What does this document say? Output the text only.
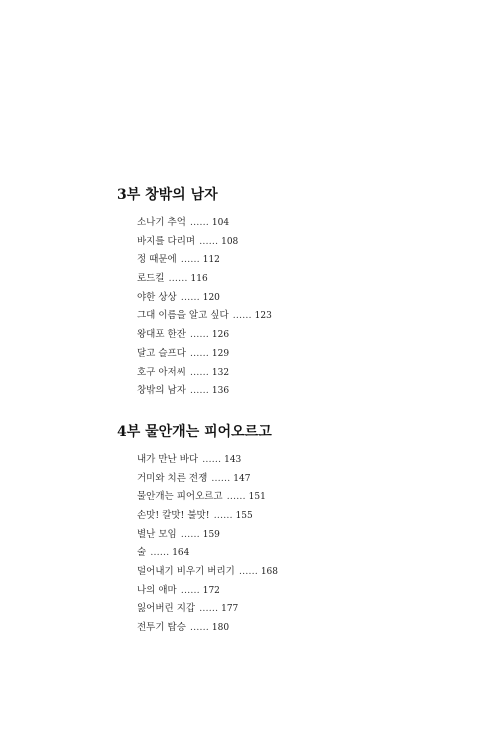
3부 창밖의 남자
소나기 추억 …… 104
바지를 다리며 …… 108
정 때문에 …… 112
로드킬 …… 116
야한 상상 …… 120
그대 이름을 알고 싶다 …… 123
왕대포 한잔 …… 126
달고 슬프다 …… 129
호구 아저씨 …… 132
창밖의 남자 …… 136
4부 물안개는 피어오르고
내가 만난 바다 …… 143
거미와 치른 전쟁 …… 147
물안개는 피어오르고 …… 151
손맛! 칼맛! 불맛! …… 155
별난 모임 …… 159
술 …… 164
덜어내기 비우기 버리기 …… 168
나의 애마 …… 172
잃어버린 지갑 …… 177
전투기 탑승 …… 180
